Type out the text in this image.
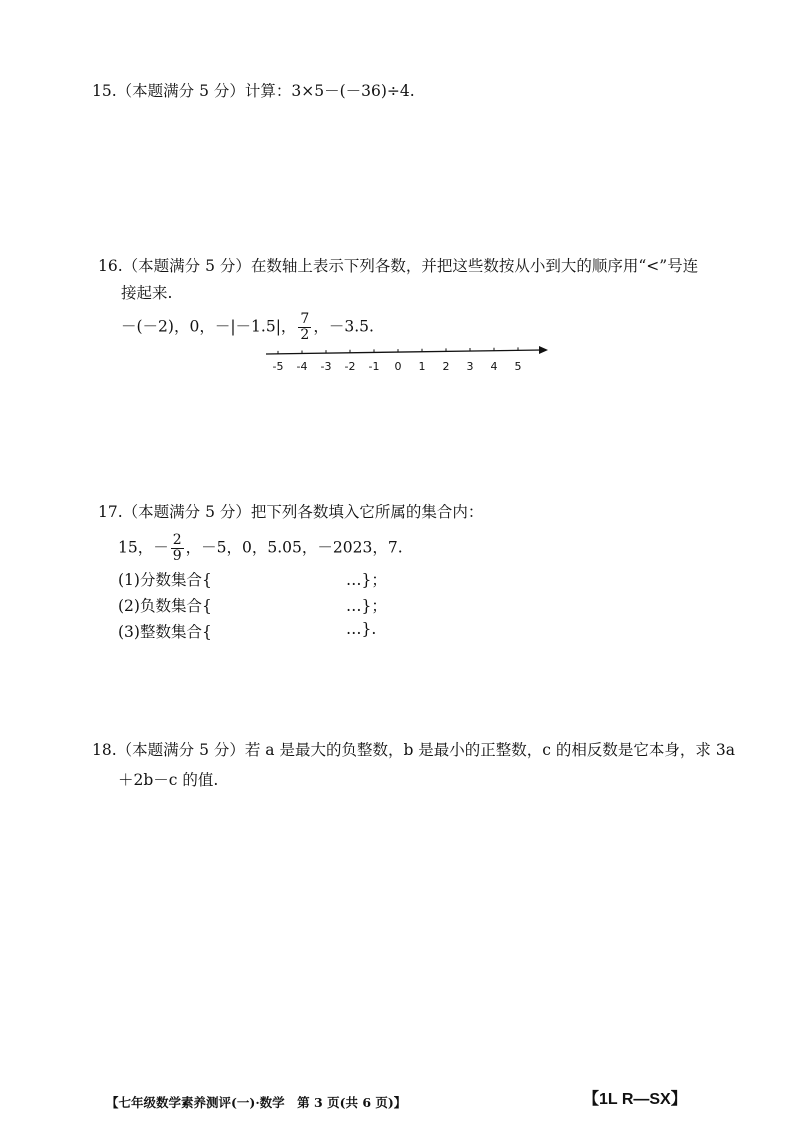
15.（本题满分 5 分）计算：3×5－(－36)÷4.
16.（本题满分 5 分）在数轴上表示下列各数，并把这些数按从小到大的顺序用“<”号连
接起来.
－(－2)，0，－|－1.5|， $\frac{7}{2}$ ，－3.5.
-5 -4 -3 -2 -1 0 1 2 3 4 5
17.（本题满分 5 分）把下列各数填入它所属的集合内：
15，－ $\frac{2}{9}$ ，－5，0，5.05，－2023，7.
(1)分数集合{	…}；
(2)负数集合{	…}；
(3)整数集合{	…}.
18.（本题满分 5 分）若 a 是最大的负整数，b 是最小的正整数，c 的相反数是它本身，求 3a
＋2b－c 的值.
【七年级数学素养测评(一)·数学　第 3 页(共 6 页)】	【1L R—SX】
